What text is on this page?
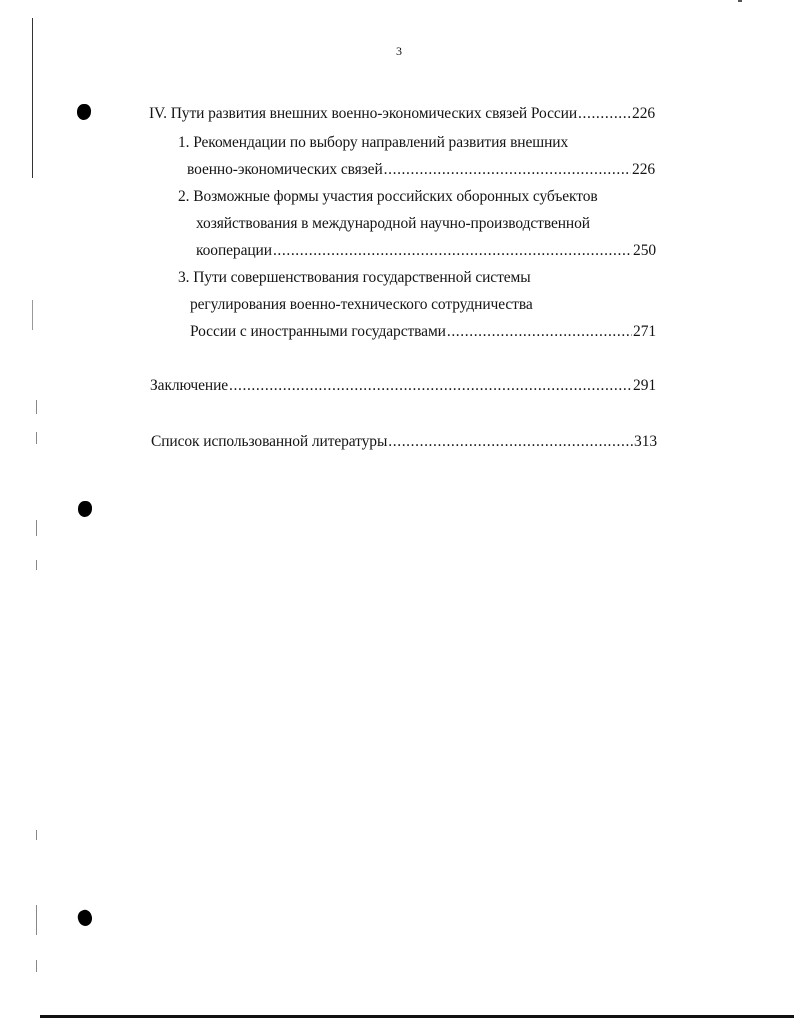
3
IV. Пути развития внешних военно-экономических связей России .....	226
1. Рекомендации по выбору направлений развития внешних
военно-экономических связей .....	226
2. Возможные формы участия российских оборонных субъектов
хозяйствования в международной научно-производственной
кооперации .....	250
3. Пути совершенствования государственной системы
регулирования военно-технического сотрудничества
России с иностранными государствами .....	271
Заключение .....	291
Список использованной литературы .....	313
